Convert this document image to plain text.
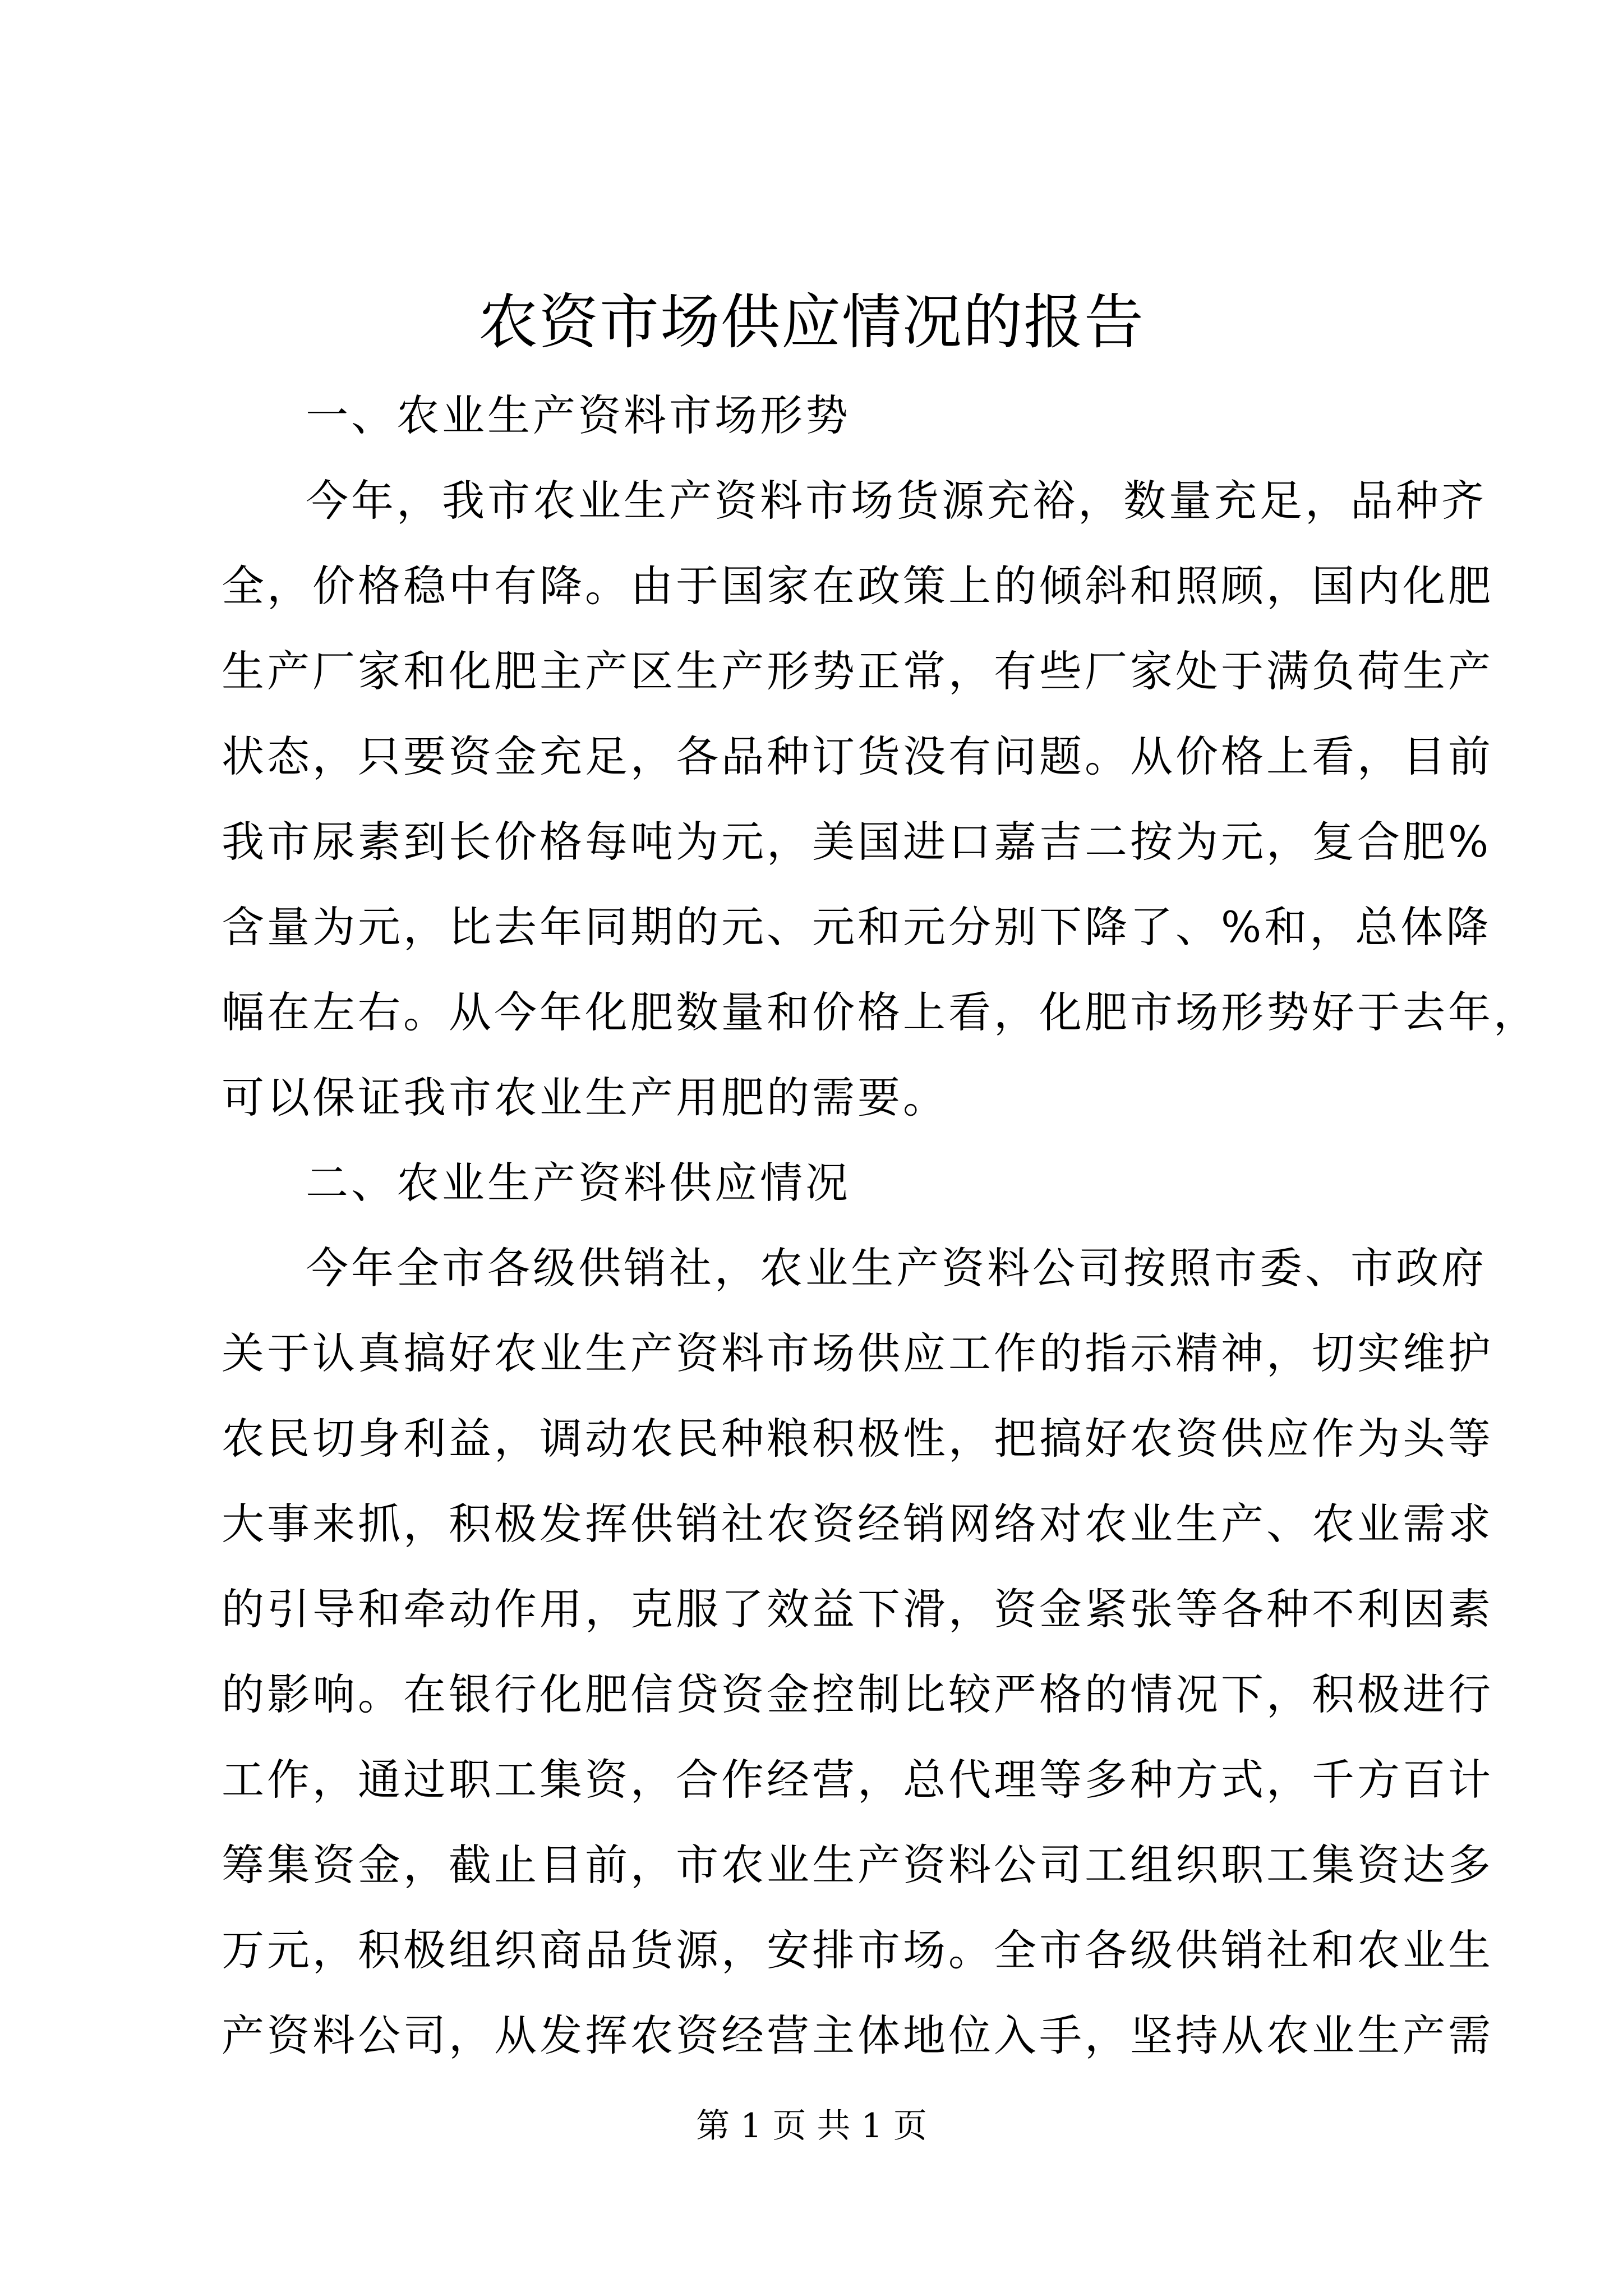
农资市场供应情况的报告
一、农业生产资料市场形势
今年，我市农业生产资料市场货源充裕，数量充足，品种齐
全，价格稳中有降。由于国家在政策上的倾斜和照顾，国内化肥
生产厂家和化肥主产区生产形势正常，有些厂家处于满负荷生产
状态，只要资金充足，各品种订货没有问题。从价格上看，目前
我市尿素到长价格每吨为元，美国进口嘉吉二按为元，复合肥%
含量为元，比去年同期的元、元和元分别下降了、%和，总体降
幅在左右。从今年化肥数量和价格上看，化肥市场形势好于去年，
可以保证我市农业生产用肥的需要。
二、农业生产资料供应情况
今年全市各级供销社，农业生产资料公司按照市委、市政府
关于认真搞好农业生产资料市场供应工作的指示精神，切实维护
农民切身利益，调动农民种粮积极性，把搞好农资供应作为头等
大事来抓，积极发挥供销社农资经销网络对农业生产、农业需求
的引导和牵动作用，克服了效益下滑，资金紧张等各种不利因素
的影响。在银行化肥信贷资金控制比较严格的情况下，积极进行
工作，通过职工集资，合作经营，总代理等多种方式，千方百计
筹集资金，截止目前，市农业生产资料公司工组织职工集资达多
万元，积极组织商品货源，安排市场。全市各级供销社和农业生
产资料公司，从发挥农资经营主体地位入手，坚持从农业生产需
第 1 页 共 1 页
